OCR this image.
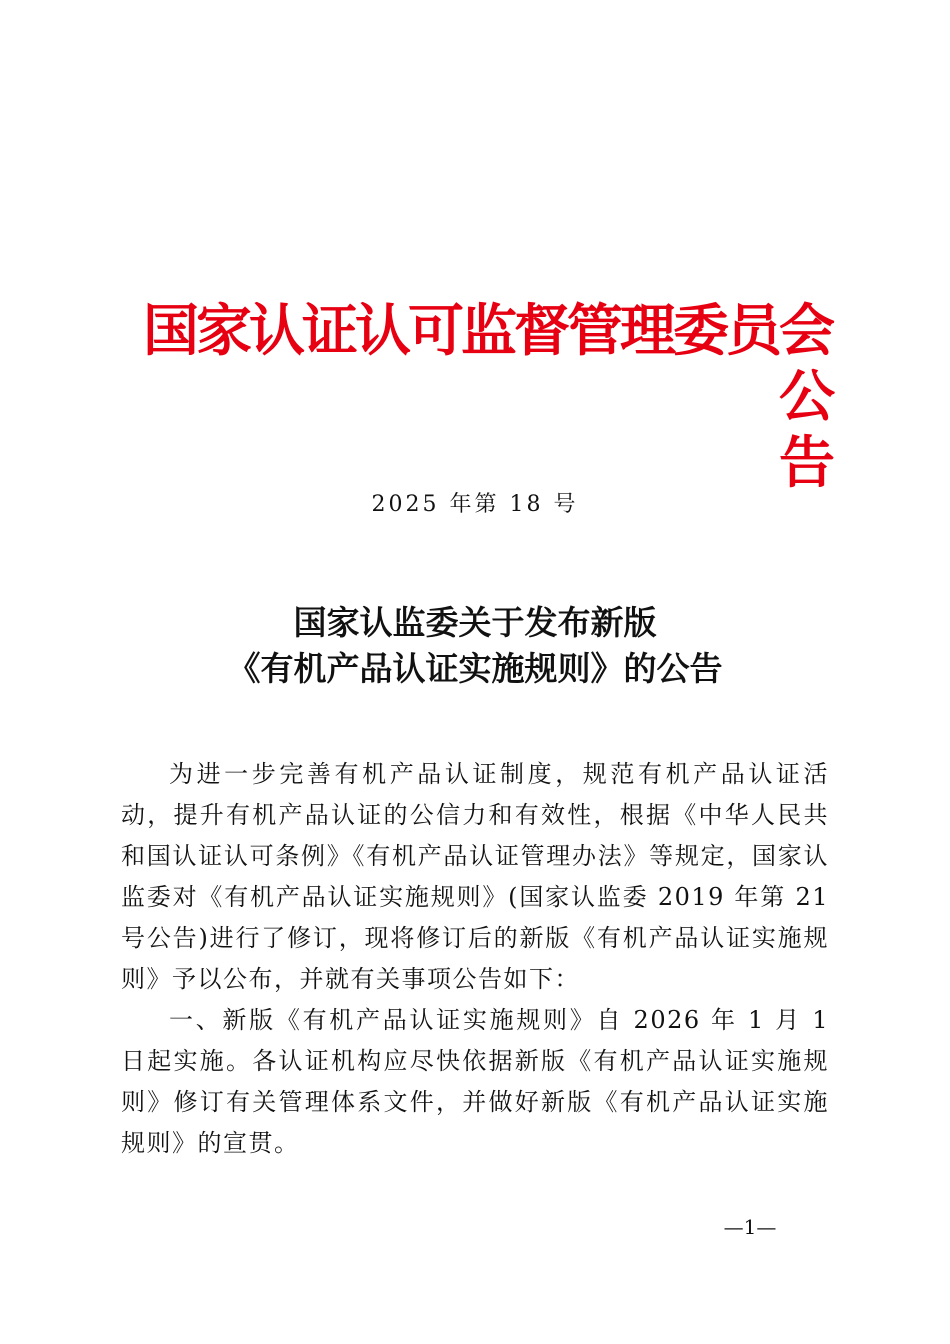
国家认证认可监督管理委员会公
告
2025 年第 18 号
国家认监委关于发布新版
《有机产品认证实施规则》的公告

为进一步完善有机产品认证制度，规范有机产品认证活动，提升有机产品认证的公信力和有效性，根据《中华人民共和国认证认可条例》《有机产品认证管理办法》等规定，国家认监委对《有机产品认证实施规则》(国家认监委 2019 年第 21 号公告)进行了修订，现将修订后的新版《有机产品认证实施规则》予以公布，并就有关事项公告如下：

一、新版《有机产品认证实施规则》自 2026 年 1 月 1 日起实施。各认证机构应尽快依据新版《有机产品认证实施规则》修订有关管理体系文件，并做好新版《有机产品认证实施规则》的宣贯。

—1—
